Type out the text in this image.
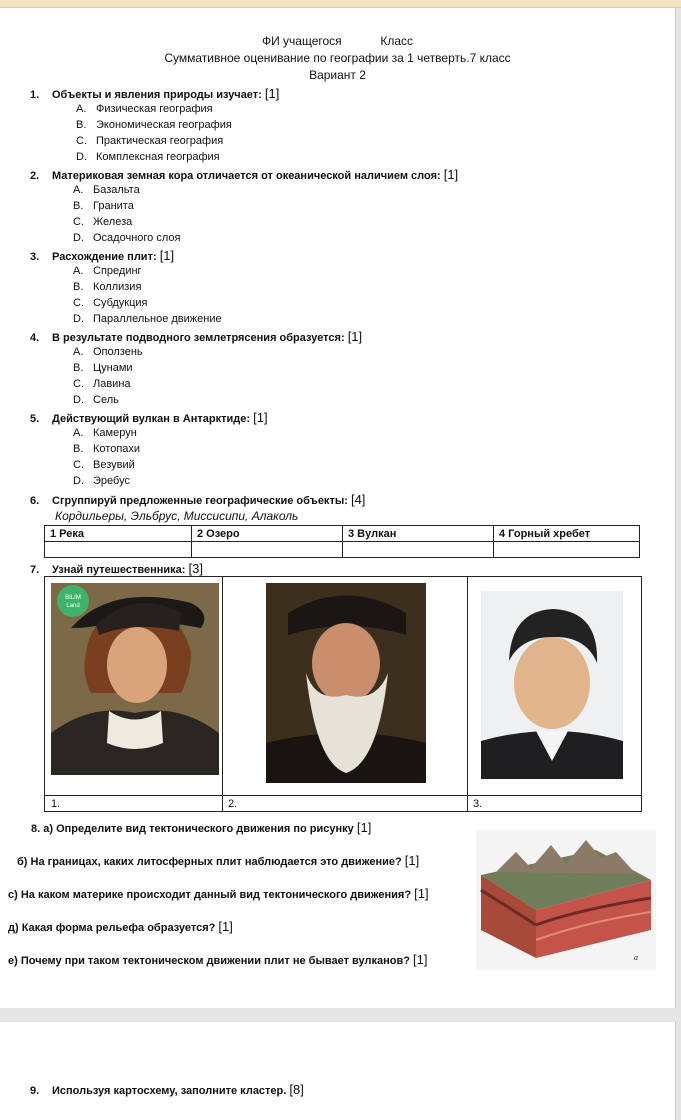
ФИ учащегося	Класс
Суммативное оценивание по географии за 1 четверть.7 класс
Вариант 2
1. Объекты и явления природы изучает: [1]
A. Физическая география
B. Экономическая география
C. Практическая география
D. Комплексная география
2. Материковая земная кора отличается от океанической наличием слоя: [1]
A. Базальта
B. Гранита
C. Железа
D. Осадочного слоя
3. Расхождение плит: [1]
A. Спрединг
B. Коллизия
C. Субдукция
D. Параллельное движение
4. В результате подводного землетрясения образуется: [1]
A. Оползень
B. Цунами
C. Лавина
D. Сель
5. Действующий вулкан в Антарктиде: [1]
A. Камерун
B. Котопахи
C. Везувий
D. Эребус
6. Сгруппируй предложенные географические объекты: [4]
Кордильеры, Эльбрус, Миссисипи, Алаколь
1 Река	2 Озеро	3 Вулкан	4 Горный хребет

7. Узнай путешественника: [3]
BILIM
Land
1.	2.	3.
8. а) Определите вид тектонического движения по рисунку [1]
б) На границах, каких литосферных плит наблюдается это движение? [1]
с) На каком материке происходит данный вид тектонического движения? [1]
д) Какая форма рельефа образуется? [1]
е) Почему при таком тектоническом движении плит не бывает вулканов? [1]	а
9. Используя картосхему, заполните кластер. [8]
